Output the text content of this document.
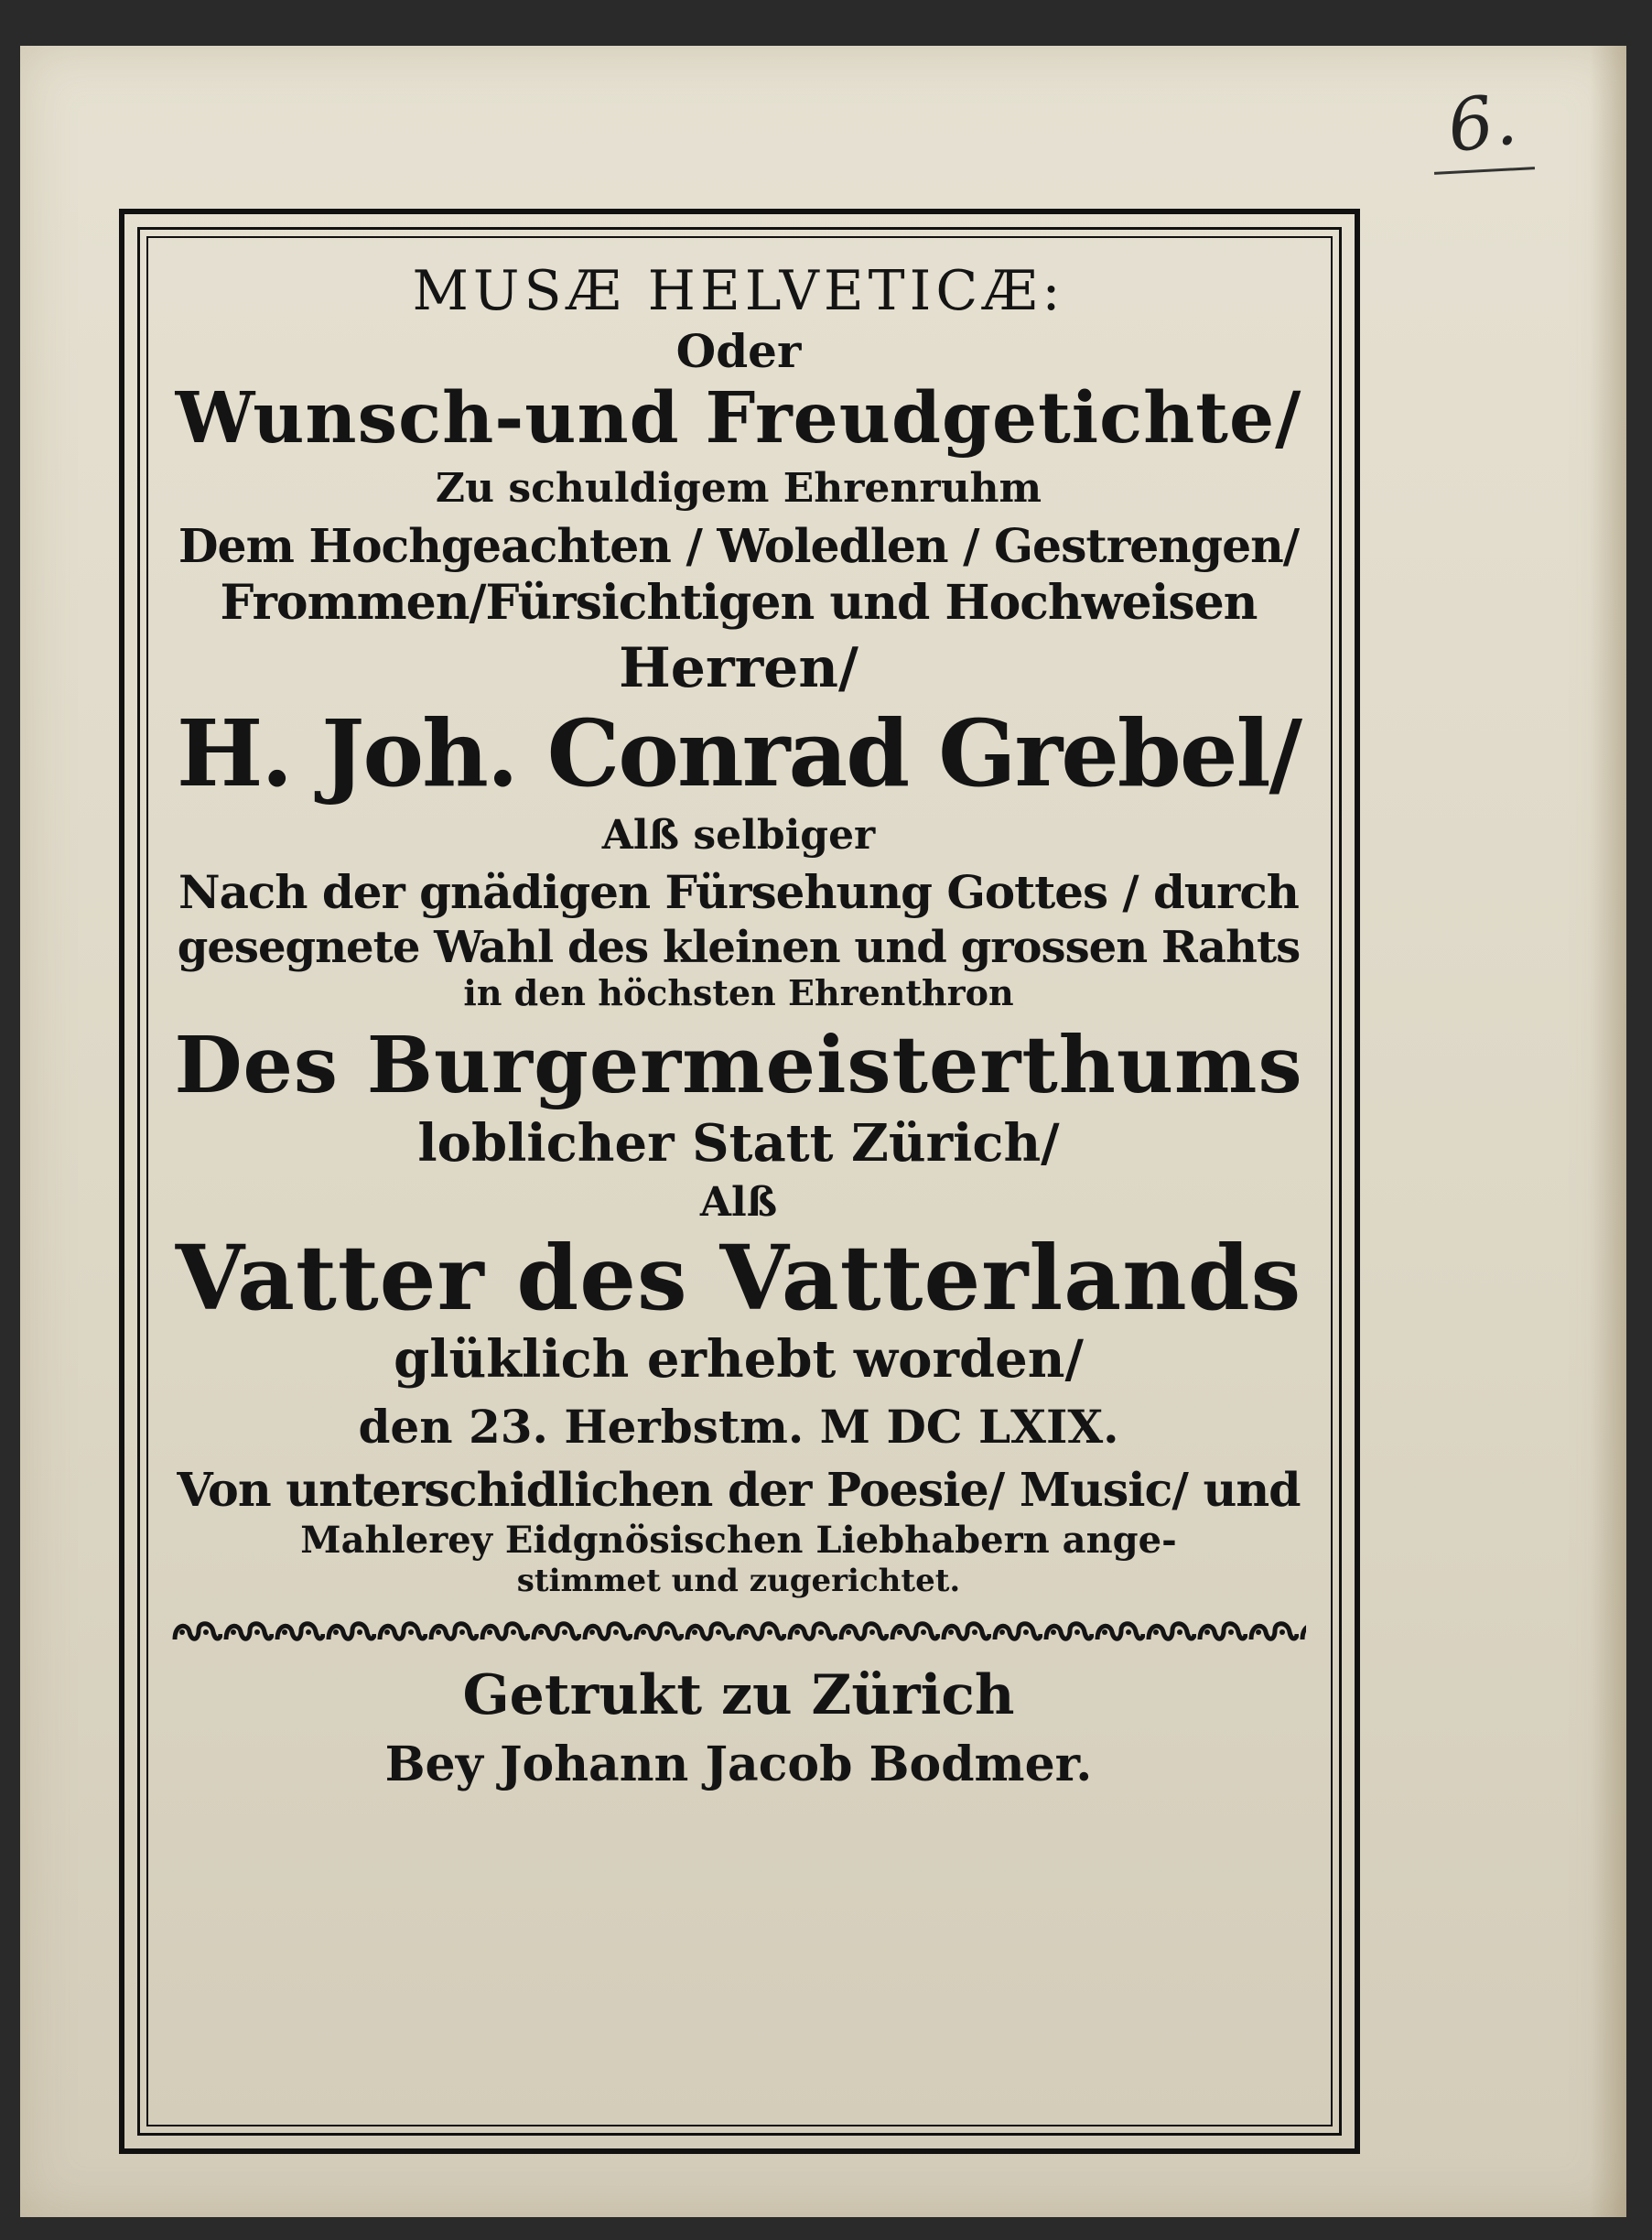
6.
MUSÆ HELVETICÆ:
Oder
Wunsch-und Freudgetichte/
Zu schuldigem Ehrenruhm
Dem Hochgeachten / Woledlen / Gestrengen/
Frommen/Fürsichtigen und Hochweisen
Herren/
H. Joh. Conrad Grebel/
Alß selbiger
Nach der gnädigen Fürsehung Gottes / durch
gesegnete Wahl des kleinen und grossen Rahts
in den höchsten Ehrenthron
Des Burgermeisterthums
loblicher Statt Zürich/
Alß
Vatter des Vatterlands
glüklich erhebt worden/
den 23. Herbstm. M DC LXIX.
Von unterschidlichen der Poesie/ Music/ und
Mahlerey Eidgnösischen Liebhabern ange-
stimmet und zugerichtet.
Getrukt zu Zürich
Bey Johann Jacob Bodmer.
